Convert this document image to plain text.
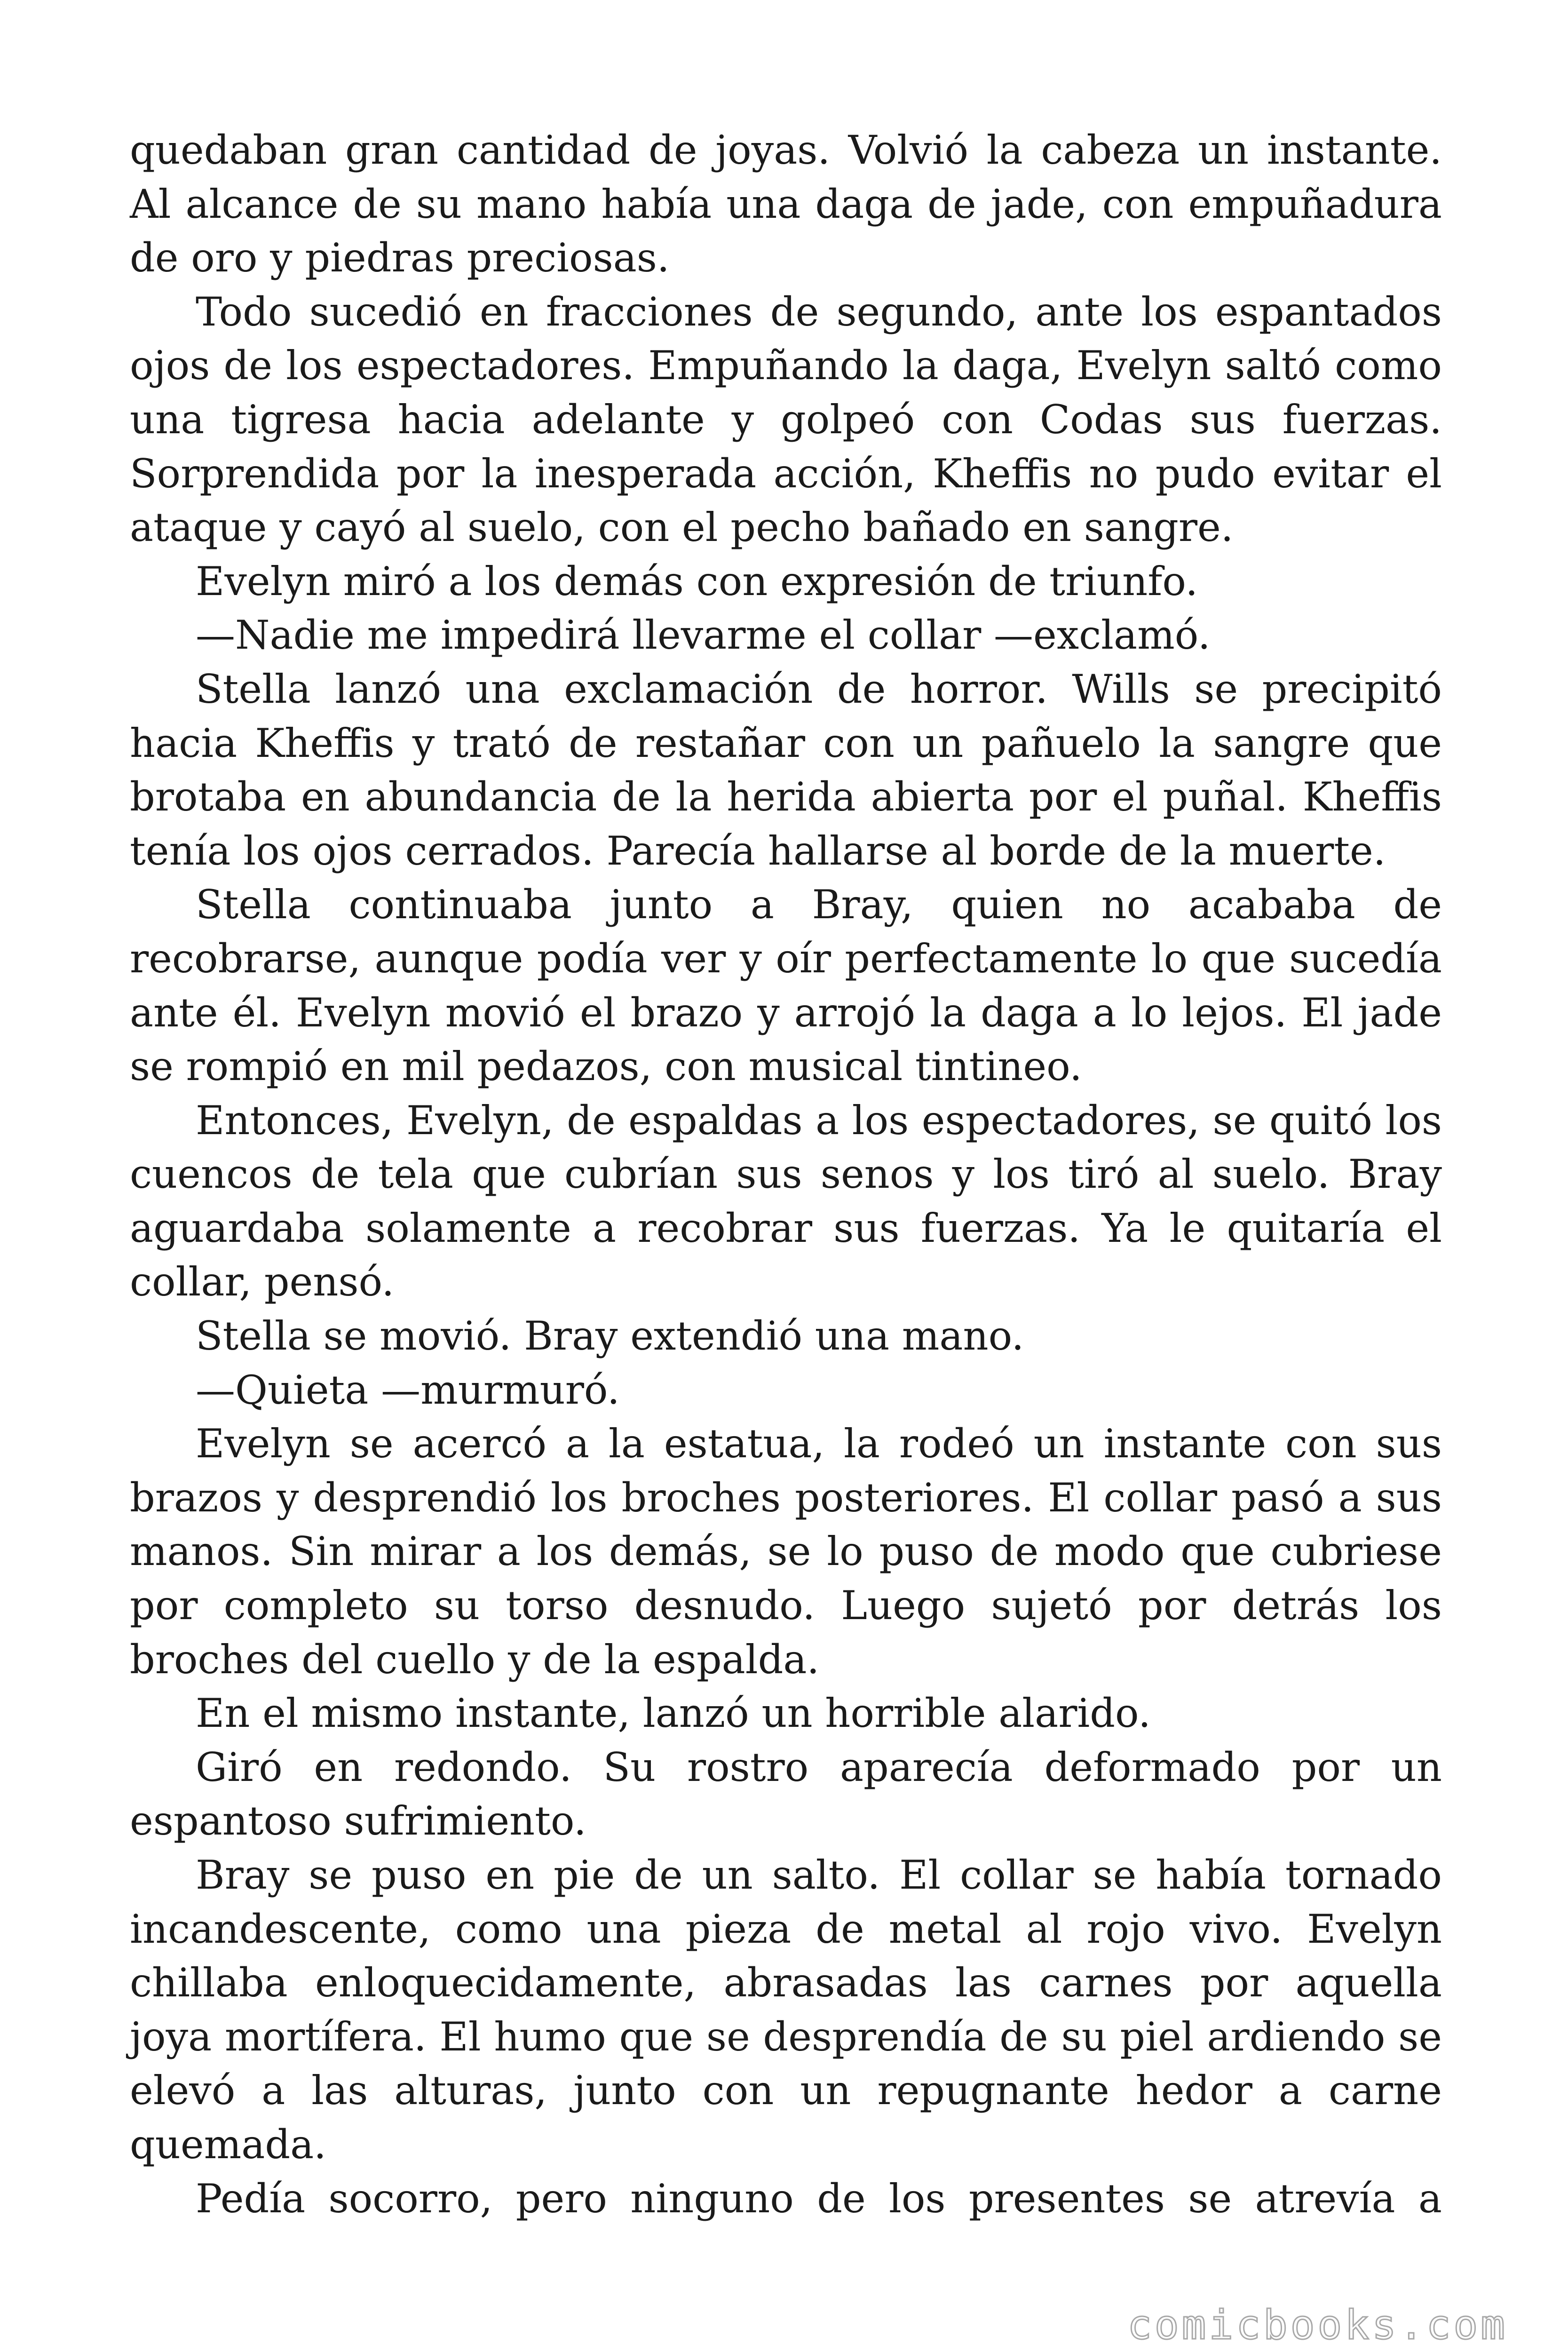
quedaban gran cantidad de joyas. Volvió la cabeza un instante. Al alcance de su mano había una daga de jade, con empuñadura de oro y piedras preciosas.

Todo sucedió en fracciones de segundo, ante los espantados ojos de los espectadores. Empuñando la daga, Evelyn saltó como una tigresa hacia adelante y golpeó con Codas sus fuerzas. Sorprendida por la inesperada acción, Kheffis no pudo evitar el ataque y cayó al suelo, con el pecho bañado en sangre.

Evelyn miró a los demás con expresión de triunfo.

—Nadie me impedirá llevarme el collar —exclamó.

Stella lanzó una exclamación de horror. Wills se precipitó hacia Kheffis y trató de restañar con un pañuelo la sangre que brotaba en abundancia de la herida abierta por el puñal. Kheffis tenía los ojos cerrados. Parecía hallarse al borde de la muerte.

Stella continuaba junto a Bray, quien no acababa de recobrarse, aunque podía ver y oír perfectamente lo que sucedía ante él. Evelyn movió el brazo y arrojó la daga a lo lejos. El jade se rompió en mil pedazos, con musical tintineo.

Entonces, Evelyn, de espaldas a los espectadores, se quitó los cuencos de tela que cubrían sus senos y los tiró al suelo. Bray aguardaba solamente a recobrar sus fuerzas. Ya le quitaría el collar, pensó.

Stella se movió. Bray extendió una mano.

—Quieta —murmuró.

Evelyn se acercó a la estatua, la rodeó un instante con sus brazos y desprendió los broches posteriores. El collar pasó a sus manos. Sin mirar a los demás, se lo puso de modo que cubriese por completo su torso desnudo. Luego sujetó por detrás los broches del cuello y de la espalda.

En el mismo instante, lanzó un horrible alarido.

Giró en redondo. Su rostro aparecía deformado por un espantoso sufrimiento.

Bray se puso en pie de un salto. El collar se había tornado incandescente, como una pieza de metal al rojo vivo. Evelyn chillaba enloquecidamente, abrasadas las carnes por aquella joya mortífera. El humo que se desprendía de su piel ardiendo se elevó a las alturas, junto con un repugnante hedor a carne quemada.

Pedía socorro, pero ninguno de los presentes se atrevía a

comicbooks.com
